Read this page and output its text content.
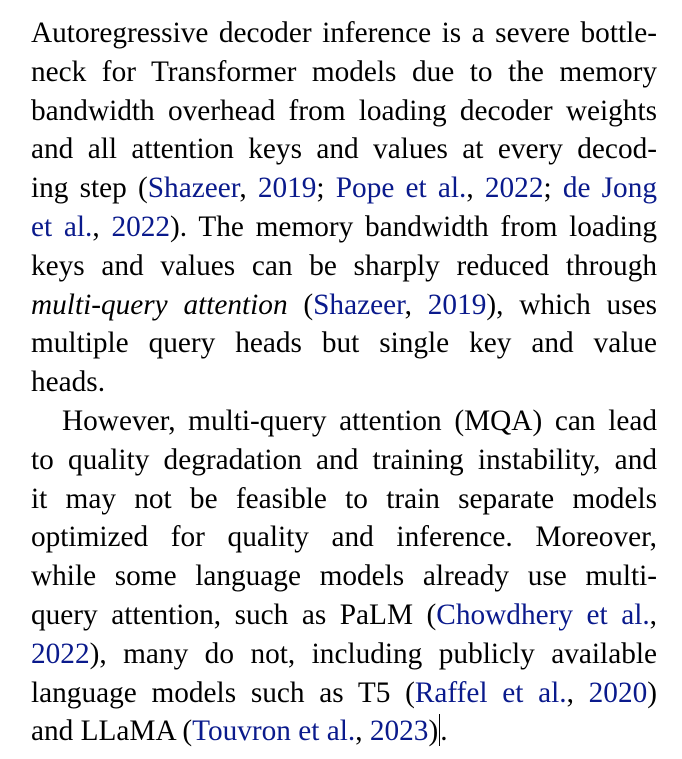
Autoregressive decoder inference is a severe bottle-
neck for Transformer models due to the memory
bandwidth overhead from loading decoder weights
and all attention keys and values at every decod-
ing step (Shazeer, 2019; Pope et al., 2022; de Jong
et al., 2022). The memory bandwidth from loading
keys and values can be sharply reduced through
multi-query attention (Shazeer, 2019), which uses
multiple query heads but single key and value
heads.
However, multi-query attention (MQA) can lead
to quality degradation and training instability, and
it may not be feasible to train separate models
optimized for quality and inference. Moreover,
while some language models already use multi-
query attention, such as PaLM (Chowdhery et al.,
2022), many do not, including publicly available
language models such as T5 (Raffel et al., 2020)
and LLaMA (Touvron et al., 2023).
